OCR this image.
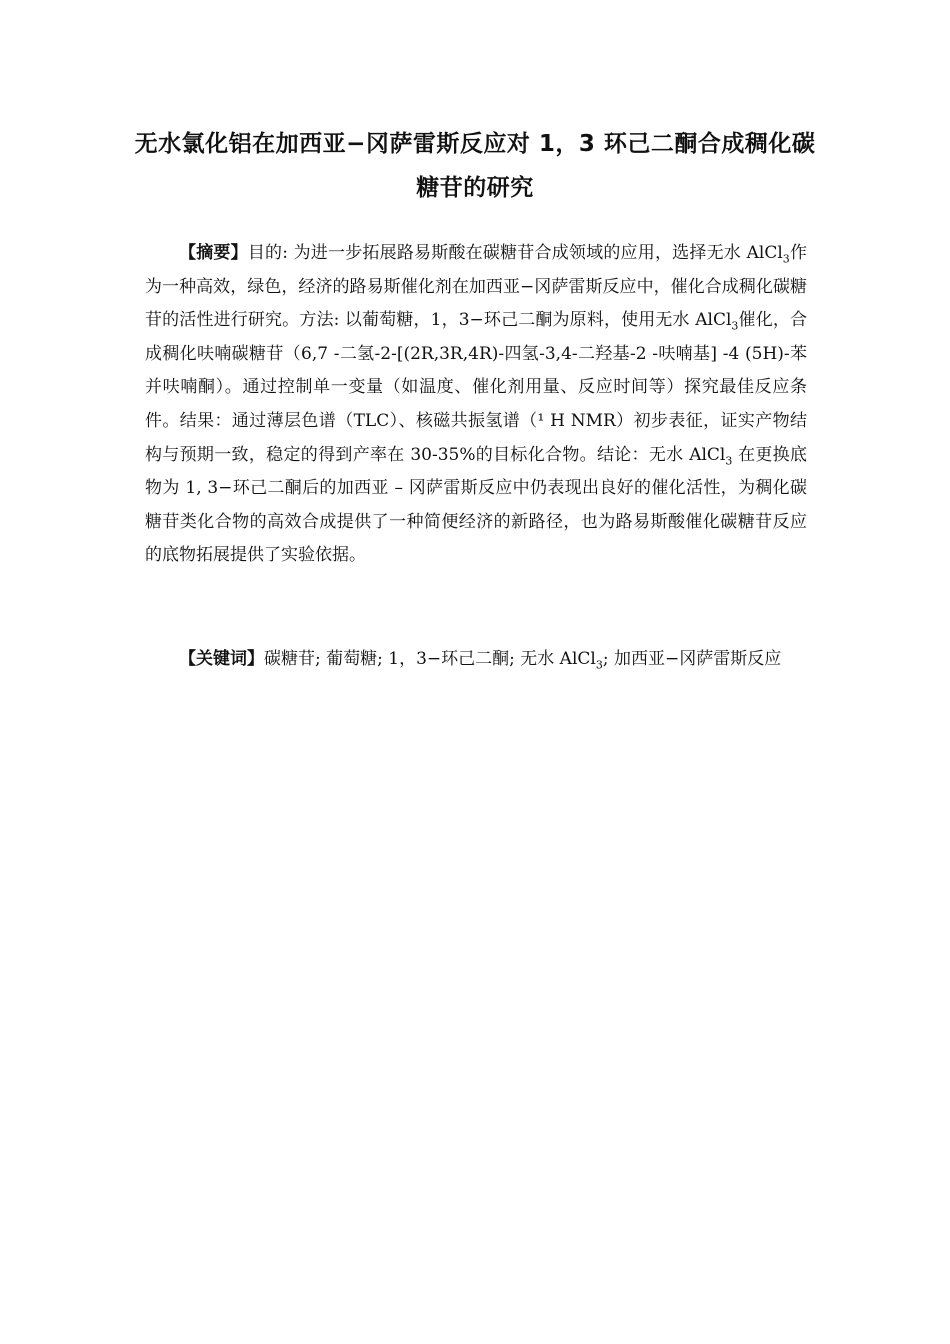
无水氯化铝在加西亚−冈萨雷斯反应对 1，3 环己二酮合成稠化碳糖苷的研究
【摘要】目的: 为进一步拓展路易斯酸在碳糖苷合成领域的应用，选择无水 AlCl$_3$作为一种高效，绿色，经济的路易斯催化剂在加西亚−冈萨雷斯反应中，催化合成稠化碳糖苷的活性进行研究。方法: 以葡萄糖，1，3−环己二酮为原料，使用无水 AlCl$_3$催化，合成稠化呋喃碳糖苷（6,7 -二氢-2-[(2R,3R,4R)-四氢-3,4-二羟基-2 -呋喃基] -4 (5H)-苯并呋喃酮）。通过控制单一变量（如温度、催化剂用量、反应时间等）探究最佳反应条件。结果：通过薄层色谱（TLC）、核磁共振氢谱（¹ H NMR）初步表征，证实产物结构与预期一致，稳定的得到产率在 30-35%的目标化合物。结论：无水 AlCl$_3$ 在更换底物为 1, 3−环己二酮后的加西亚 – 冈萨雷斯反应中仍表现出良好的催化活性，为稠化碳糖苷类化合物的高效合成提供了一种简便经济的新路径，也为路易斯酸催化碳糖苷反应的底物拓展提供了实验依据。
【关键词】碳糖苷; 葡萄糖; 1，3−环己二酮; 无水 AlCl$_3$; 加西亚−冈萨雷斯反应
